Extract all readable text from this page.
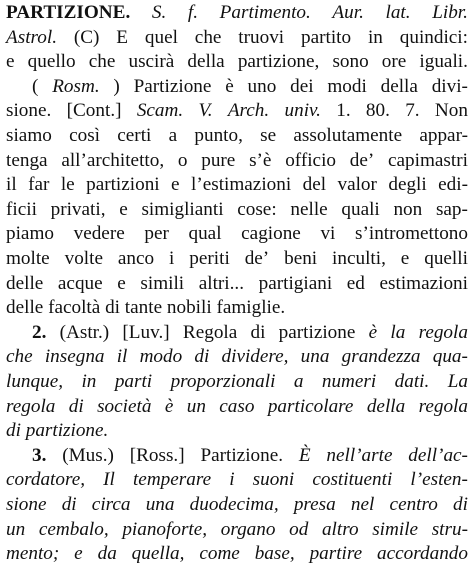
PARTIZIONE. S. f. Partimento. Aur. lat. Libr.
Astrol. (C) E quel che truovi partito in quindici:
e quello che uscirà della partizione, sono ore iguali.
( Rosm. ) Partizione è uno dei modi della divi-
sione. [Cont.] Scam. V. Arch. univ. 1. 80. 7. Non
siamo così certi a punto, se assolutamente appar-
tenga all’architetto, o pure s’è officio de’ capimastri
il far le partizioni e l’estimazioni del valor degli edi-
ficii privati, e simiglianti cose: nelle quali non sap-
piamo vedere per qual cagione vi s’intromettono
molte volte anco i periti de’ beni inculti, e quelli
delle acque e simili altri... partigiani ed estimazioni
delle facoltà di tante nobili famiglie.
2. (Astr.) [Luv.] Regola di partizione è la regola
che insegna il modo di dividere, una grandezza qua-
lunque, in parti proporzionali a numeri dati. La
regola di società è un caso particolare della regola
di partizione.
3. (Mus.) [Ross.] Partizione. È nell’arte dell’ac-
cordatore, Il temperare i suoni costituenti l’esten-
sione di circa una duodecima, presa nel centro di
un cembalo, pianoforte, organo od altro simile stru-
mento; e da quella, come base, partire accordando
